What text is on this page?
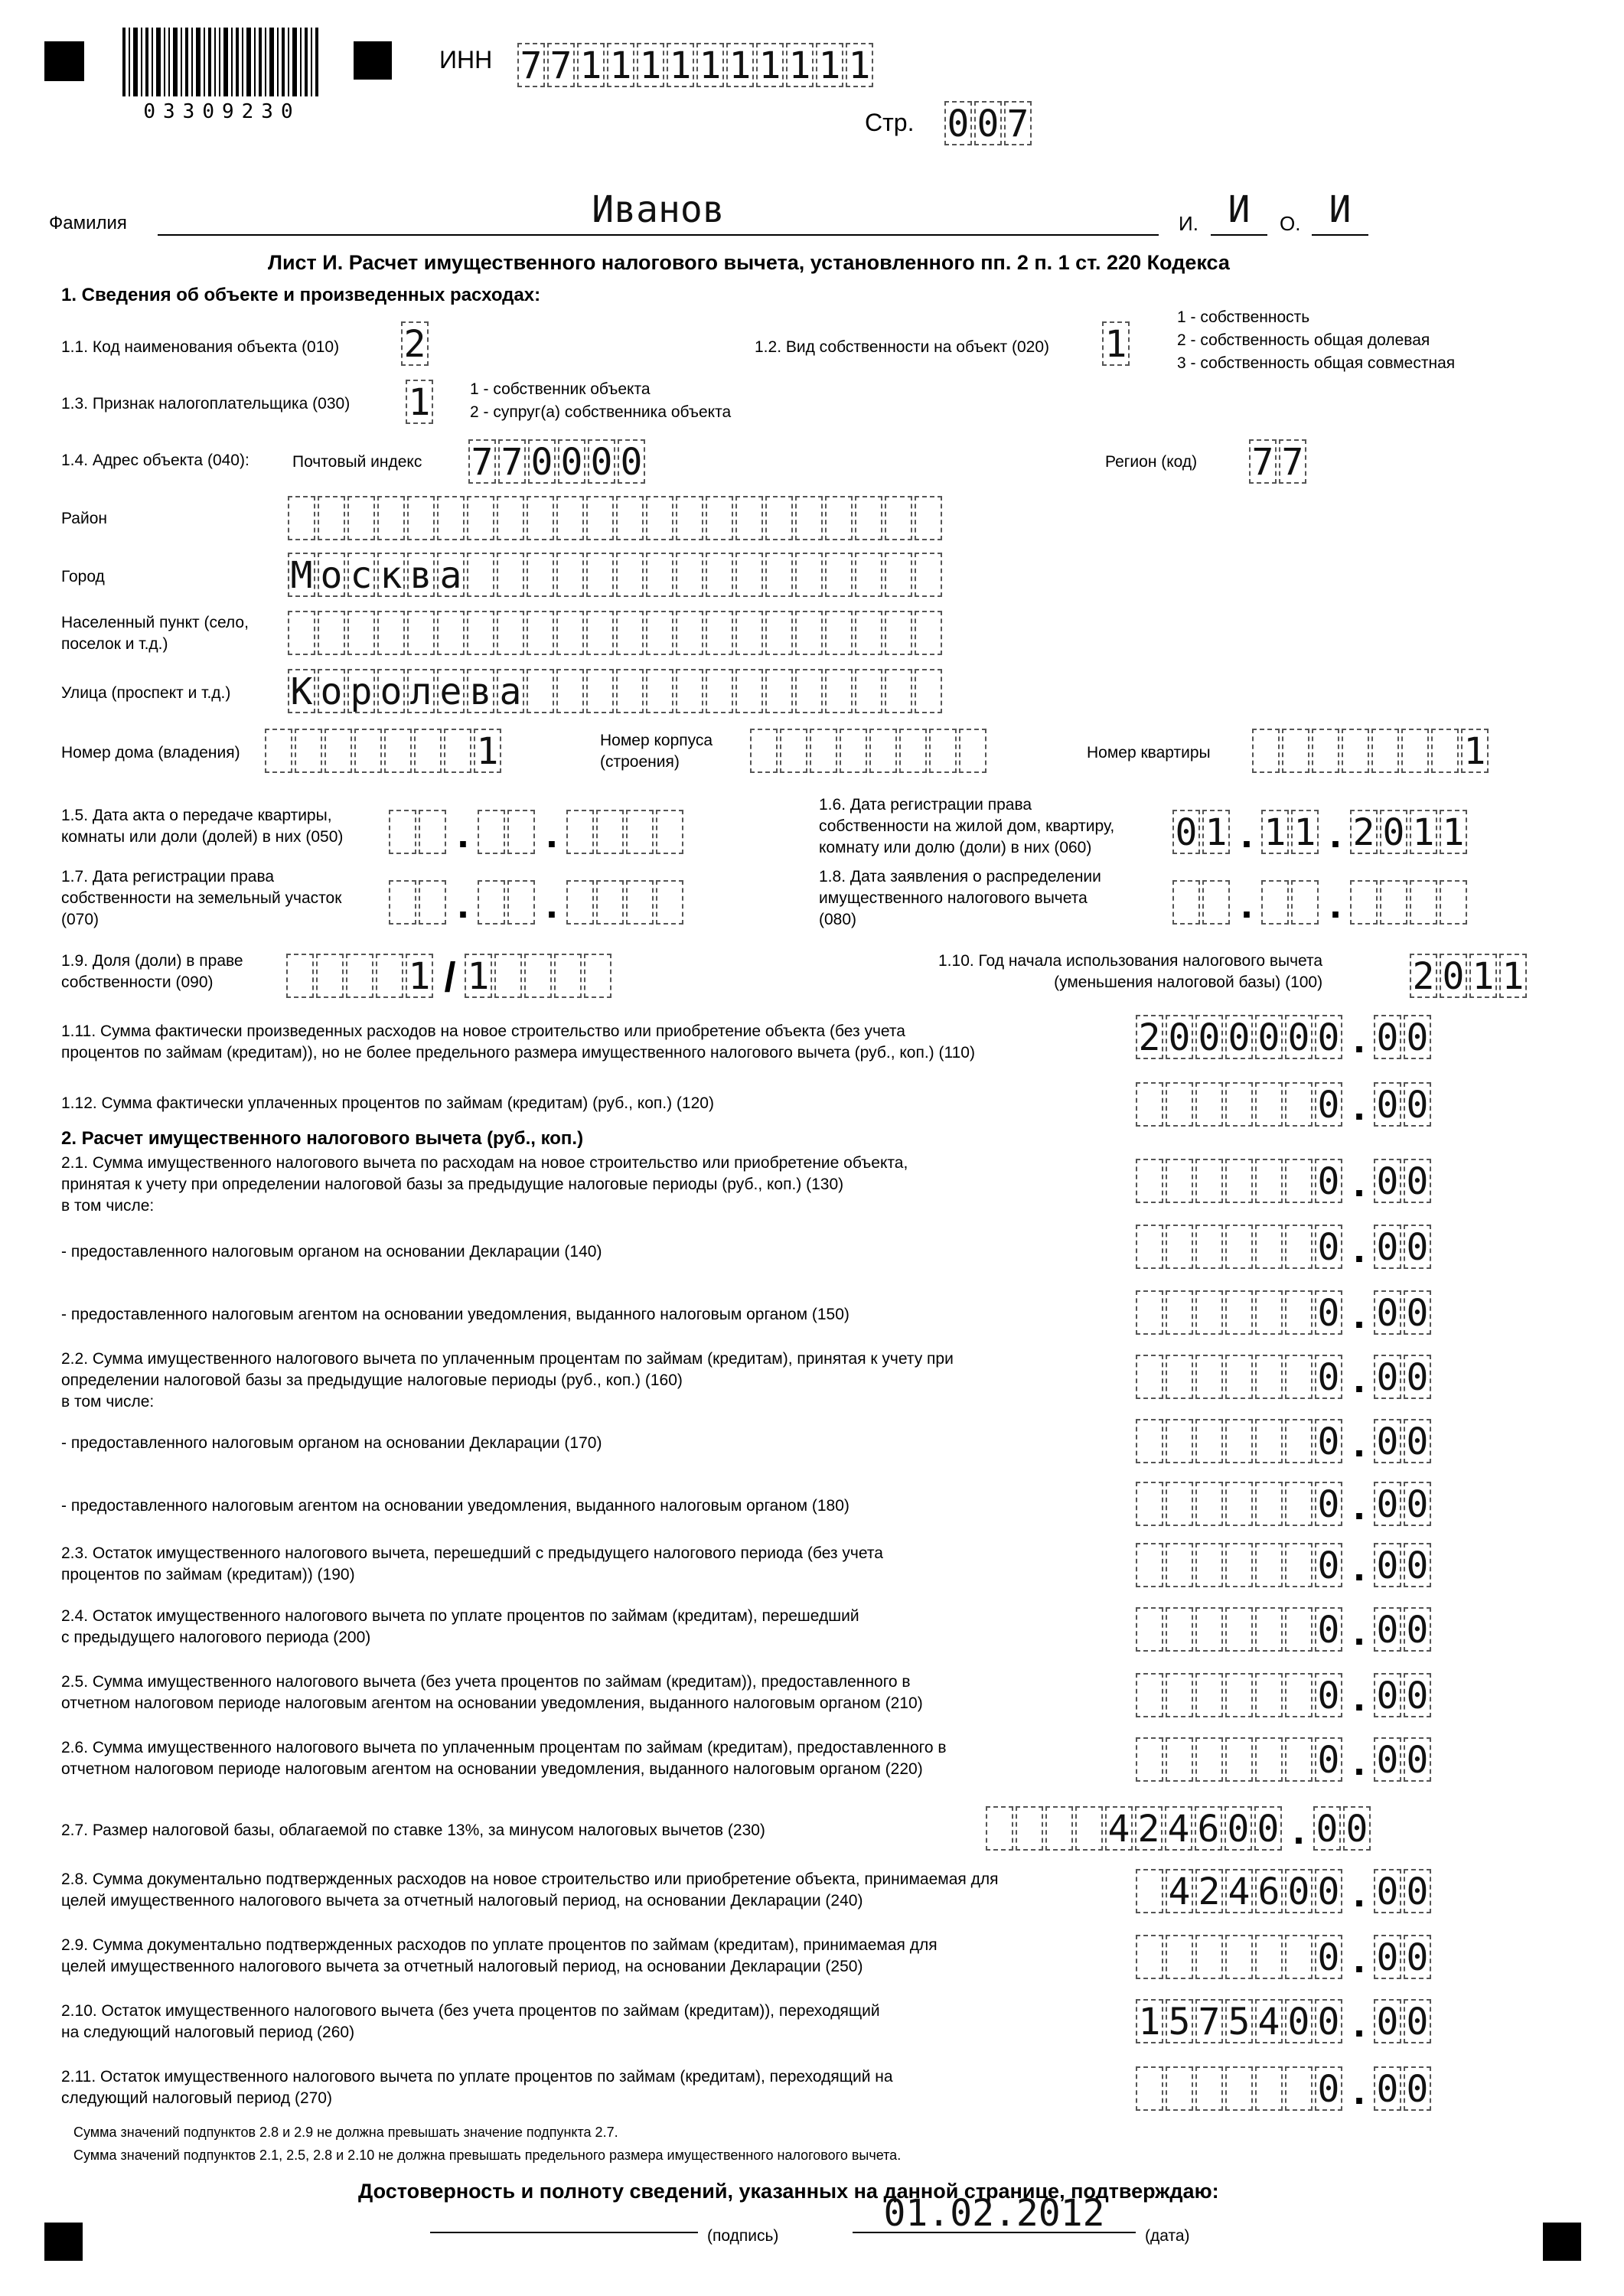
03309230
ИНН 7 7 1 1 1 1 1 1 1 1 1 1
Стр. 0 0 7
Фамилия	Иванов	И. И	О. И
Лист И. Расчет имущественного налогового вычета, установленного пп. 2 п. 1 ст. 220 Кодекса
1. Сведения об объекте и произведенных расходах:
1.1. Код наименования объекта (010) 2	1.2. Вид собственности на объект (020) 1
1 - собственность
2 - собственность общая долевая
3 - собственность общая совместная
1.3. Признак налогоплательщика (030) 1 1 - собственник объекта
2 - супруг(а) собственника объекта
1.4. Адрес объекта (040):	Почтовый индекс 7 7 0 0 0 0	Регион (код) 7 7
Район
Город	М о с к в а
Населенный пункт (село,
поселок и т.д.)
Улица (проспект и т.д.) К о р о л е в а
Номер дома (владения)	1	Номер корпуса
(строения)
Номер квартиры	1
1.5. Дата акта о передаче квартиры,
комнаты или доли (долей) в них (050)	. .
1.6. Дата регистрации права
собственности на жилой дом, квартиру,
комнату или долю (доли) в них (060)	0 1 . 1 1 . 2 0 1 1
1.7. Дата регистрации права
собственности на земельный участок
(070)	. .
1.8. Дата заявления о распределении
имущественного налогового вычета
(080)	. .
1.9. Доля (доли) в праве
собственности (090)	1 / 1	1.10. Год начала использования налогового вычета
(уменьшения налоговой базы) (100) 2 0 1 1
1.11. Сумма фактически произведенных расходов на новое строительство или приобретение объекта (без учета
процентов по займам (кредитам)), но не более предельного размера имущественного налогового вычета (руб., коп.) (110)	2 0 0 0 0 0 0 . 0 0
1.12. Сумма фактически уплаченных процентов по займам (кредитам) (руб., коп.) (120)	0 . 0 0
2. Расчет имущественного налогового вычета (руб., коп.)
2.1. Сумма имущественного налогового вычета по расходам на новое строительство или приобретение объекта,
принятая к учету при определении налоговой базы за предыдущие налоговые периоды (руб., коп.) (130)
в том числе:
0 . 0 0
- предоставленного налоговым органом на основании Декларации (140)	0 . 0 0
- предоставленного налоговым агентом на основании уведомления, выданного налоговым органом (150)	0 . 0 0
2.2. Сумма имущественного налогового вычета по уплаченным процентам по займам (кредитам), принятая к учету при
определении налоговой базы за предыдущие налоговые периоды (руб., коп.) (160)
в том числе:
0 . 0 0
- предоставленного налоговым органом на основании Декларации (170)	0 . 0 0
- предоставленного налоговым агентом на основании уведомления, выданного налоговым органом (180)	0 . 0 0
2.3. Остаток имущественного налогового вычета, перешедший с предыдущего налогового периода (без учета
процентов по займам (кредитам)) (190)	0 . 0 0
2.4. Остаток имущественного налогового вычета по уплате процентов по займам (кредитам), перешедший
с предыдущего налогового периода (200)	0 . 0 0
2.5. Сумма имущественного налогового вычета (без учета процентов по займам (кредитам)), предоставленного в
отчетном налоговом периоде налоговым агентом на основании уведомления, выданного налоговым органом (210)	0 . 0 0
2.6. Сумма имущественного налогового вычета по уплаченным процентам по займам (кредитам), предоставленного в
отчетном налоговом периоде налоговым агентом на основании уведомления, выданного налоговым органом (220)	0 . 0 0
2.7. Размер налоговой базы, облагаемой по ставке 13%, за минусом налоговых вычетов (230)	4 2 4 6 0 0 . 0 0
2.8. Сумма документально подтвержденных расходов на новое строительство или приобретение объекта, принимаемая для
целей имущественного налогового вычета за отчетный налоговый период, на основании Декларации (240)	4 2 4 6 0 0 . 0 0
2.9. Сумма документально подтвержденных расходов по уплате процентов по займам (кредитам), принимаемая для
целей имущественного налогового вычета за отчетный налоговый период, на основании Декларации (250)	0 . 0 0
2.10. Остаток имущественного налогового вычета (без учета процентов по займам (кредитам)), переходящий
на следующий налоговый период (260)	1 5 7 5 4 0 0 . 0 0
2.11. Остаток имущественного налогового вычета по уплате процентов по займам (кредитам), переходящий на
следующий налоговый период (270)	0 . 0 0
Сумма значений подпунктов 2.8 и 2.9 не должна превышать значение подпункта 2.7.
Сумма значений подпунктов 2.1, 2.5, 2.8 и 2.10 не должна превышать предельного размера имущественного налогового вычета.
Достоверность и полноту сведений, указанных на данной странице, подтверждаю:
(подпись)
01.02.2012
(дата)
